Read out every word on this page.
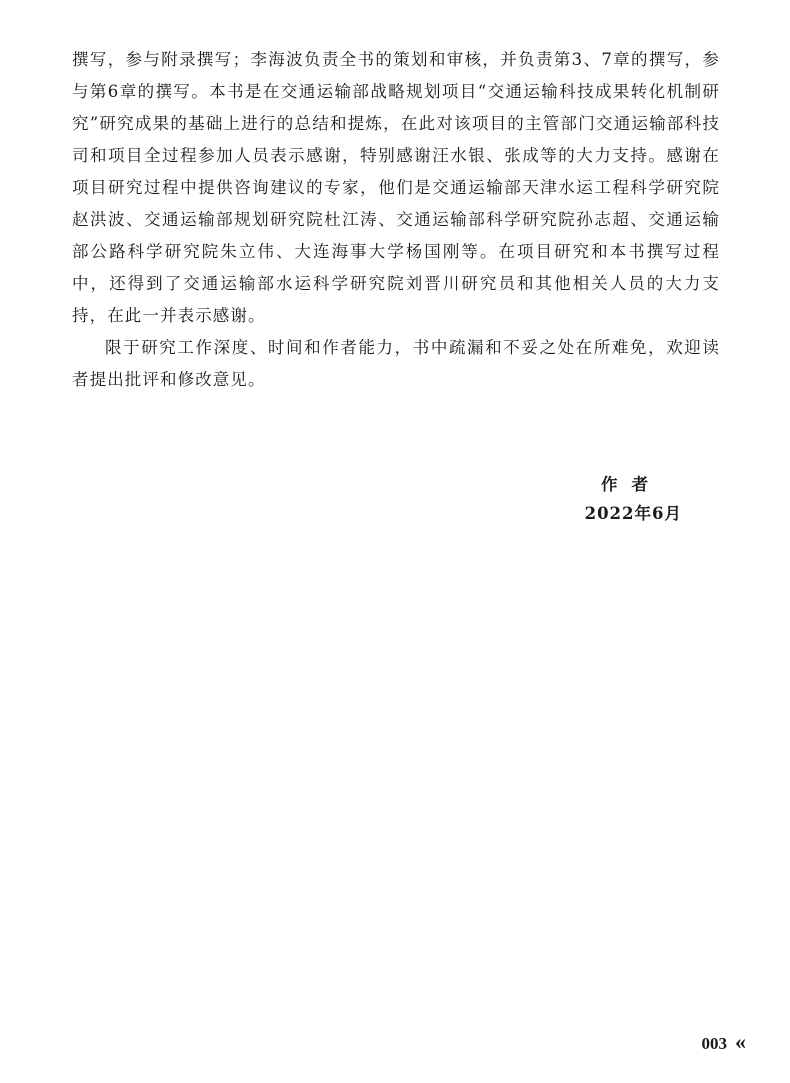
撰写，参与附录撰写；李海波负责全书的策划和审核，并负责第3、7章的撰写，参与第6章的撰写。本书是在交通运输部战略规划项目“交通运输科技成果转化机制研究”研究成果的基础上进行的总结和提炼，在此对该项目的主管部门交通运输部科技司和项目全过程参加人员表示感谢，特别感谢汪水银、张成等的大力支持。感谢在项目研究过程中提供咨询建议的专家，他们是交通运输部天津水运工程科学研究院赵洪波、交通运输部规划研究院杜江涛、交通运输部科学研究院孙志超、交通运输部公路科学研究院朱立伟、大连海事大学杨国刚等。在项目研究和本书撰写过程中，还得到了交通运输部水运科学研究院刘晋川研究员和其他相关人员的大力支持，在此一并表示感谢。

限于研究工作深度、时间和作者能力，书中疏漏和不妥之处在所难免，欢迎读者提出批评和修改意见。

作者
2022年6月
003 «
